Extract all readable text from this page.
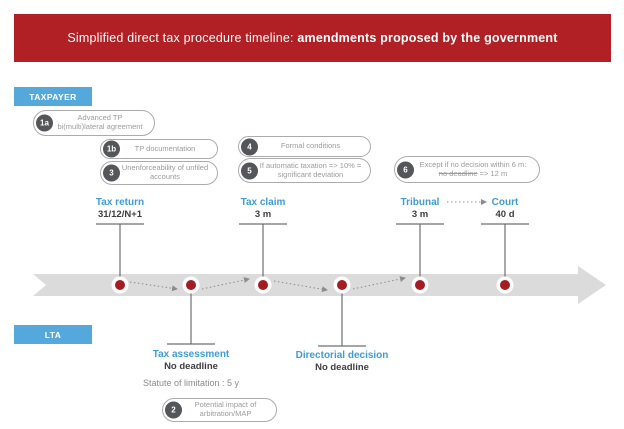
Simplified direct tax procedure timeline: amendments proposed by the government
TAXPAYER
LTA
1a
Advanced TP bi(multi)lateral agreement
1b	TP documentation
3
Unenforceability of unfiled accounts
4	Formal conditions
5
If automatic taxation => 10% = significant deviation	6
Except if no decision within 6 m:
no deadline => 12 m
2
Potential impact of arbitration/MAP
Tax return
31/12/N+1
Tax claim
3 m
Tribunal
3 m
Court
40 d
Tax assessment
No deadline
Statute of limitation : 5 y
Directorial decision
No deadline
